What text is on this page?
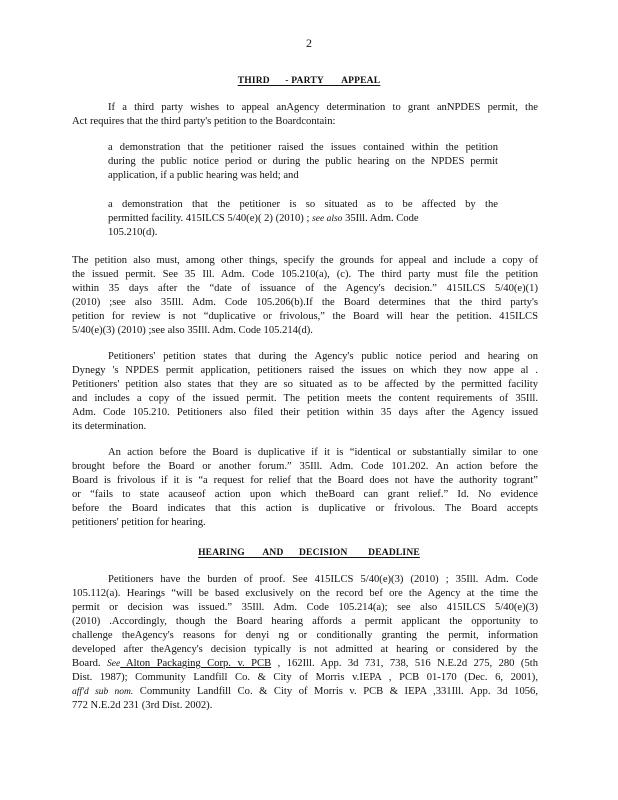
2
THIRD      - PARTY       APPEAL
If a third party wishes to appeal anAgency determination to grant anNPDES permit, the
Act requires that the third party's petition to the Boardcontain:
a demonstration that the petitioner raised the issues contained within the petition
during the public notice period or during the public hearing on the NPDES permit
application, if a public hearing was held; and
a demonstration that the petitioner is so situated as to be affected by the
permitted facility. 415ILCS 5/40(e)( 2) (2010) ; see also 35Ill. Adm. Code
105.210(d).
The petition also must, among other things, specify the grounds for appeal and include a copy of
the issued permit. See 35 Ill. Adm. Code 105.210(a), (c). The third party must file the petition
within 35 days after the “date of issuance of the Agency's decision.” 415ILCS 5/40(e)(1)
(2010) ;see also 35Ill. Adm. Code 105.206(b).If the Board determines that the third party's
petition for review is not “duplicative or frivolous,” the Board will hear the petition. 415ILCS
5/40(e)(3) (2010) ;see also 35Ill. Adm. Code 105.214(d).
Petitioners' petition states that during the Agency's public notice period and hearing on
Dynegy 's NPDES permit application, petitioners raised the issues on which they now appe al .
Petitioners' petition also states that they are so situated as to be affected by the permitted facility
and includes a copy of the issued permit. The petition meets the content requirements of 35Ill.
Adm. Code 105.210. Petitioners also filed their petition within 35 days after the Agency issued
its determination.
An action before the Board is duplicative if it is “identical or substantially similar to one
brought before the Board or another forum.” 35Ill. Adm. Code 101.202. An action before the
Board is frivolous if it is “a request for relief that the Board does not have the authority togrant”
or “fails to state acauseof action upon which theBoard can grant relief.” Id. No evidence
before the Board indicates that this action is duplicative or frivolous. The Board accepts
petitioners' petition for hearing.
HEARING       AND      DECISION        DEADLINE
Petitioners have the burden of proof. See 415ILCS 5/40(e)(3) (2010) ; 35Ill. Adm. Code
105.112(a). Hearings “will be based exclusively on the record bef ore the Agency at the time the
permit or decision was issued.” 35Ill. Adm. Code 105.214(a); see also 415ILCS 5/40(e)(3)
(2010) .Accordingly, though the Board hearing affords a permit applicant the opportunity to
challenge theAgency's reasons for denyi ng or conditionally granting the permit, information
developed after theAgency's decision typically is not admitted at hearing or considered by the
Board. See Alton Packaging Corp. v. PCB , 162Ill. App. 3d 731, 738, 516 N.E.2d 275, 280 (5th
Dist. 1987); Community Landfill Co. & City of Morris v.IEPA , PCB 01-170 (Dec. 6, 2001),
aff'd sub nom. Community Landfill Co. & City of Morris v. PCB & IEPA ,331Ill. App. 3d 1056,
772 N.E.2d 231 (3rd Dist. 2002).
